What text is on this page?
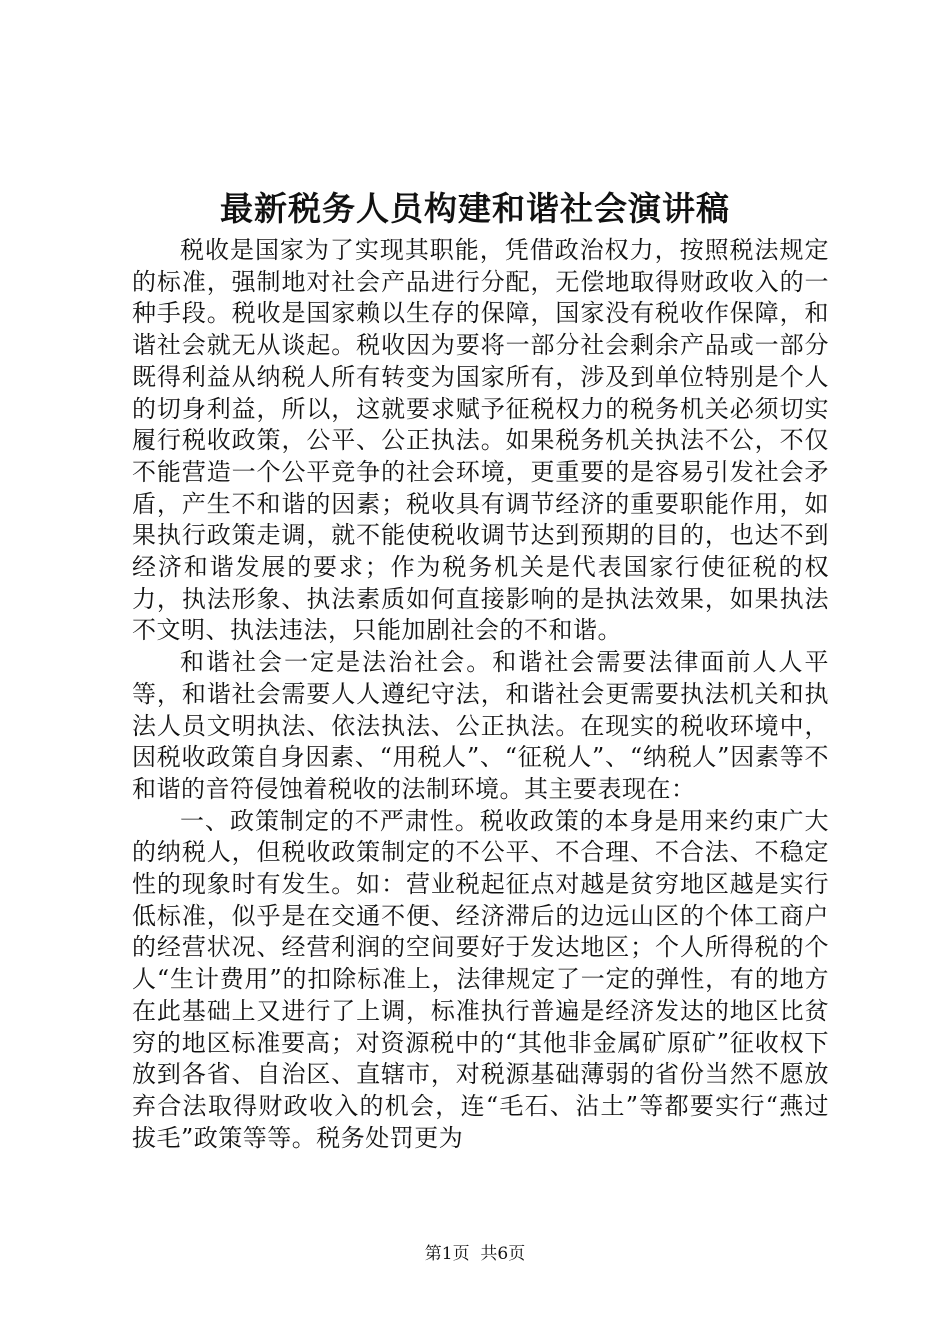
最新税务人员构建和谐社会演讲稿

税收是国家为了实现其职能，凭借政治权力，按照税法规定的标准，强制地对社会产品进行分配，无偿地取得财政收入的一种手段。税收是国家赖以生存的保障，国家没有税收作保障，和谐社会就无从谈起。税收因为要将一部分社会剩余产品或一部分既得利益从纳税人所有转变为国家所有，涉及到单位特别是个人的切身利益，所以，这就要求赋予征税权力的税务机关必须切实履行税收政策，公平、公正执法。如果税务机关执法不公，不仅不能营造一个公平竞争的社会环境，更重要的是容易引发社会矛盾，产生不和谐的因素；税收具有调节经济的重要职能作用，如果执行政策走调，就不能使税收调节达到预期的目的，也达不到经济和谐发展的要求；作为税务机关是代表国家行使征税的权力，执法形象、执法素质如何直接影响的是执法效果，如果执法不文明、执法违法，只能加剧社会的不和谐。

和谐社会一定是法治社会。和谐社会需要法律面前人人平等，和谐社会需要人人遵纪守法，和谐社会更需要执法机关和执法人员文明执法、依法执法、公正执法。在现实的税收环境中，因税收政策自身因素、“用税人”、“征税人”、“纳税人”因素等不和谐的音符侵蚀着税收的法制环境。其主要表现在：

一、政策制定的不严肃性。税收政策的本身是用来约束广大的纳税人，但税收政策制定的不公平、不合理、不合法、不稳定性的现象时有发生。如：营业税起征点对越是贫穷地区越是实行低标准，似乎是在交通不便、经济滞后的边远山区的个体工商户的经营状况、经营利润的空间要好于发达地区；个人所得税的个人“生计费用”的扣除标准上，法律规定了一定的弹性，有的地方在此基础上又进行了上调，标准执行普遍是经济发达的地区比贫穷的地区标准要高；对资源税中的“其他非金属矿原矿”征收权下放到各省、自治区、直辖市，对税源基础薄弱的省份当然不愿放弃合法取得财政收入的机会，连“毛石、沾土”等都要实行“燕过拔毛”政策等等。税务处罚更为

第1页 共6页
